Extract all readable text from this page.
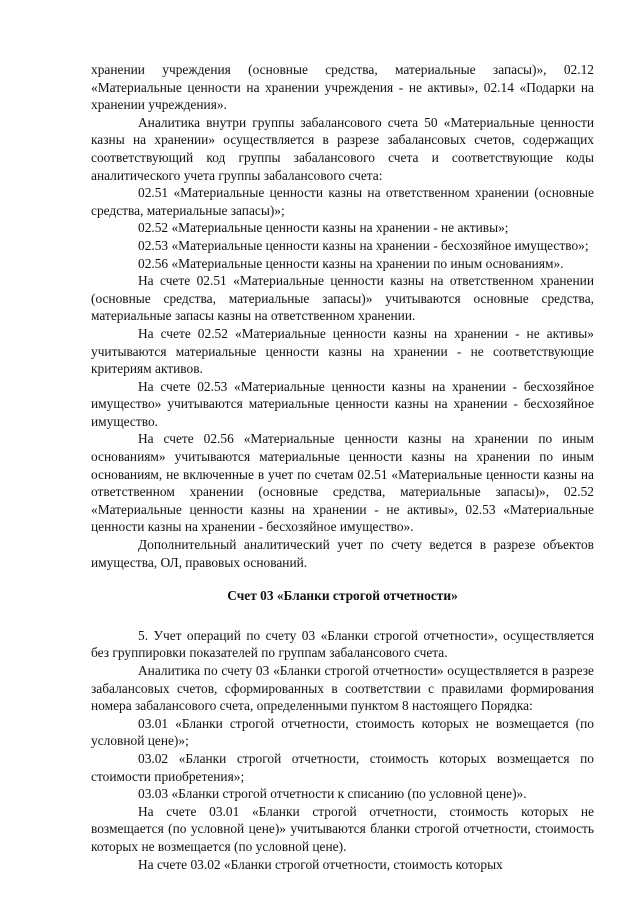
хранении учреждения (основные средства, материальные запасы)», 02.12 «Материальные ценности на хранении учреждения - не активы», 02.14 «Подарки на хранении учреждения».

Аналитика внутри группы забалансового счета 50 «Материальные ценности казны на хранении» осуществляется в разрезе забалансовых счетов, содержащих соответствующий код группы забалансового счета и соответствующие коды аналитического учета группы забалансового счета:

02.51 «Материальные ценности казны на ответственном хранении (основные средства, материальные запасы)»;

02.52 «Материальные ценности казны на хранении - не активы»;

02.53 «Материальные ценности казны на хранении - бесхозяйное имущество»;

02.56 «Материальные ценности казны на хранении по иным основаниям».

На счете 02.51 «Материальные ценности казны на ответственном хранении (основные средства, материальные запасы)» учитываются основные средства, материальные запасы казны на ответственном хранении.

На счете 02.52 «Материальные ценности казны на хранении - не активы» учитываются материальные ценности казны на хранении - не соответствующие критериям активов.

На счете 02.53 «Материальные ценности казны на хранении - бесхозяйное имущество» учитываются материальные ценности казны на хранении - бесхозяйное имущество.

На счете 02.56 «Материальные ценности казны на хранении по иным основаниям» учитываются материальные ценности казны на хранении по иным основаниям, не включенные в учет по счетам 02.51 «Материальные ценности казны на ответственном хранении (основные средства, материальные запасы)», 02.52 «Материальные ценности казны на хранении - не активы», 02.53 «Материальные ценности казны на хранении - бесхозяйное имущество».

Дополнительный аналитический учет по счету ведется в разрезе объектов имущества, ОЛ, правовых оснований.

Счет 03 «Бланки строгой отчетности»

5. Учет операций по счету 03 «Бланки строгой отчетности», осуществляется без группировки показателей по группам забалансового счета.

Аналитика по счету 03 «Бланки строгой отчетности» осуществляется в разрезе забалансовых счетов, сформированных в соответствии с правилами формирования номера забалансового счета, определенными пунктом 8 настоящего Порядка:

03.01 «Бланки строгой отчетности, стоимость которых не возмещается (по условной цене)»;

03.02 «Бланки строгой отчетности, стоимость которых возмещается по стоимости приобретения»;

03.03 «Бланки строгой отчетности к списанию (по условной цене)».

На счете 03.01 «Бланки строгой отчетности, стоимость которых не возмещается (по условной цене)» учитываются бланки строгой отчетности, стоимость которых не возмещается (по условной цене).

На счете 03.02 «Бланки строгой отчетности, стоимость которых
